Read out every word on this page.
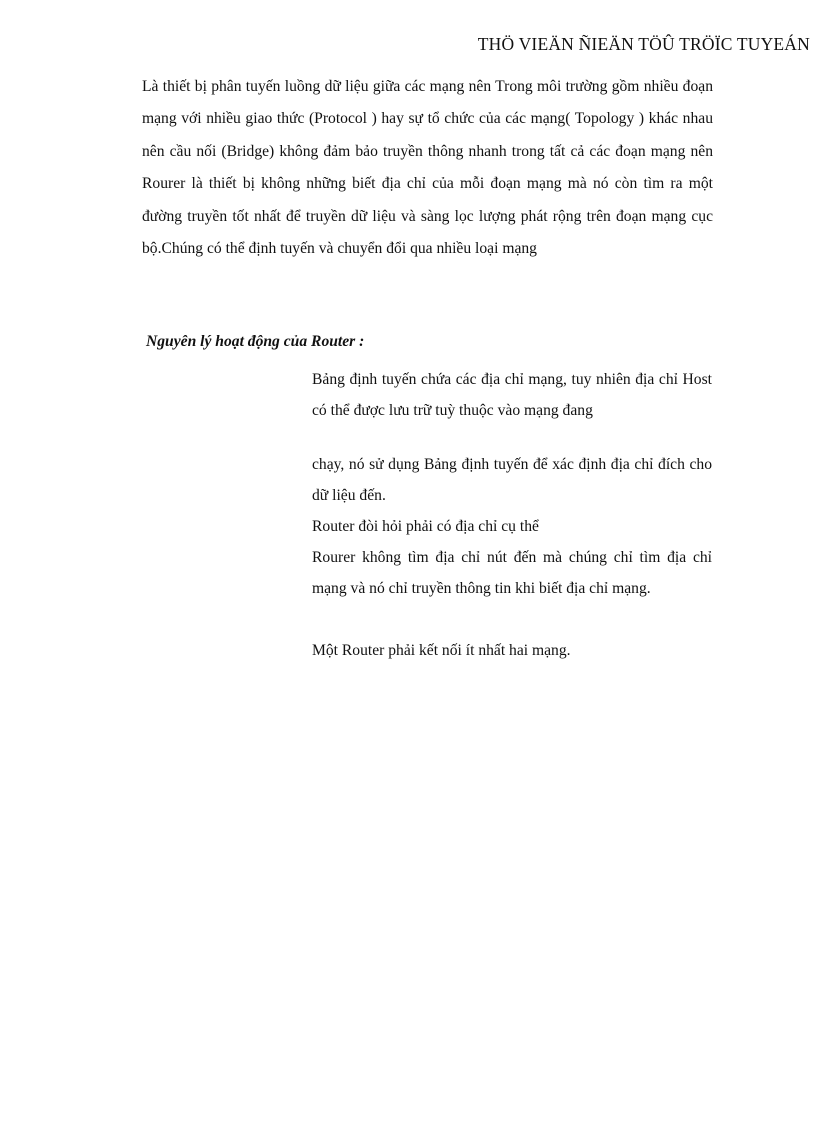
THÖ VIEÄN ÑIEÄN TÖÛ TRÖÏC TUYEÁN

Là thiết bị phân tuyến luồng dữ liệu giữa các mạng nên Trong môi trường gồm nhiều đoạn mạng với nhiều giao thức (Protocol ) hay sự tổ chức của các mạng( Topology ) khác nhau nên cầu nối (Bridge) không đảm bảo truyền thông nhanh trong tất cả các đoạn mạng nên Rourer là thiết bị không những biết địa chỉ của mỗi đoạn mạng mà nó còn tìm ra một đường truyền tốt nhất để truyền dữ liệu và sàng lọc lượng phát rộng trên đoạn mạng cục bộ.Chúng có thể định tuyến và chuyển đổi qua nhiều loại mạng

Nguyên lý hoạt động của Router :

Bảng định tuyến chứa các địa chỉ mạng, tuy nhiên địa chỉ Host có thể được lưu trữ tuỳ thuộc vào mạng đang

chạy, nó sử dụng Bảng định tuyến để xác định địa chỉ đích cho dữ liệu đến.

Router đòi hỏi phải có địa chỉ cụ thể

Rourer không tìm địa chỉ nút đến mà chúng chỉ tìm địa chỉ mạng và nó chỉ truyền thông tin khi biết địa chỉ mạng.

Một Router phải kết nối ít nhất hai mạng.
